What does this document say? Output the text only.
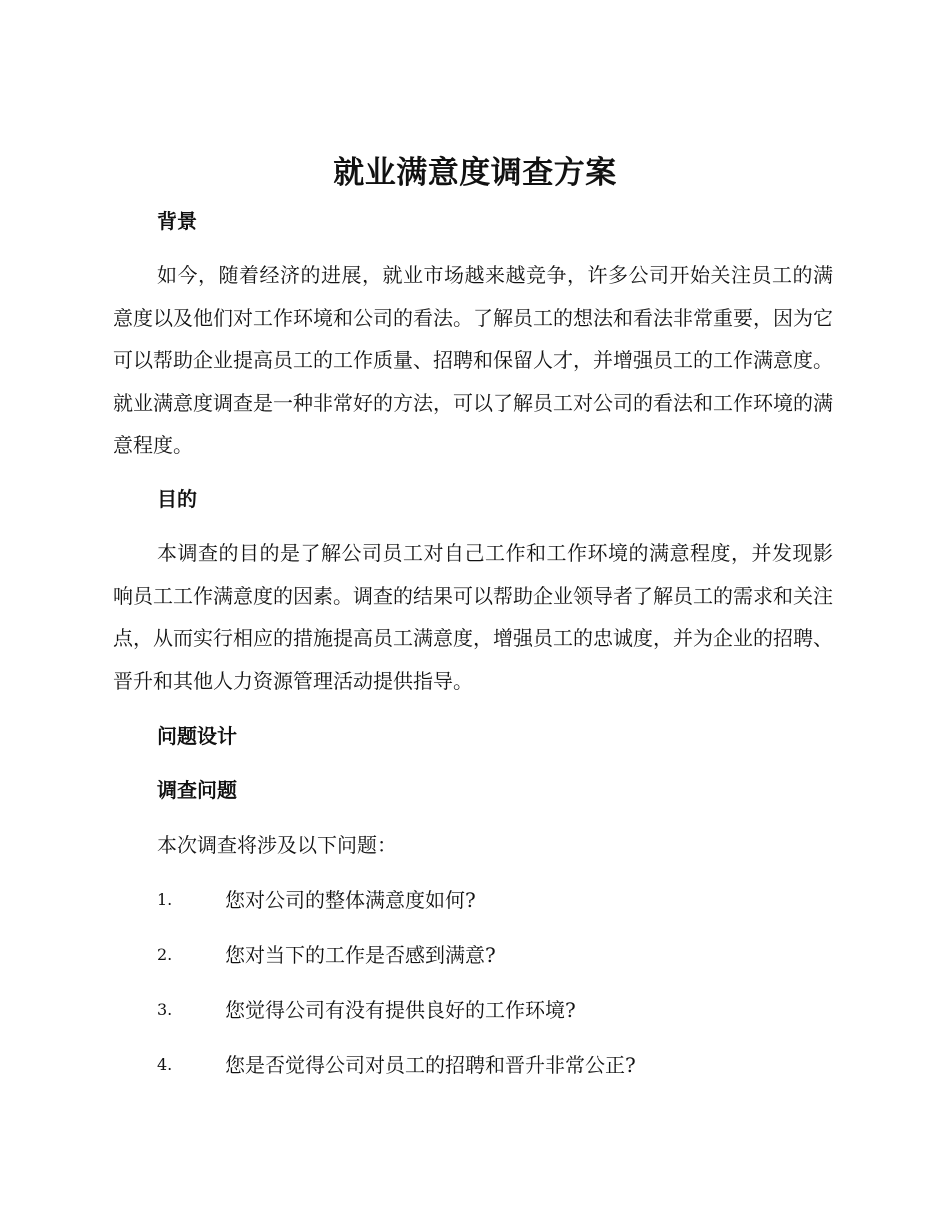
就业满意度调查方案
背景

如今，随着经济的进展，就业市场越来越竞争，许多公司开始关注员工的满意度以及他们对工作环境和公司的看法。了解员工的想法和看法非常重要，因为它可以帮助企业提高员工的工作质量、招聘和保留人才，并增强员工的工作满意度。就业满意度调查是一种非常好的方法，可以了解员工对公司的看法和工作环境的满意程度。

目的

本调查的目的是了解公司员工对自己工作和工作环境的满意程度，并发现影响员工工作满意度的因素。调查的结果可以帮助企业领导者了解员工的需求和关注点，从而实行相应的措施提高员工满意度，增强员工的忠诚度，并为企业的招聘、晋升和其他人力资源管理活动提供指导。

问题设计
调查问题
本次调查将涉及以下问题：
1.	您对公司的整体满意度如何?
2.	您对当下的工作是否感到满意?
3.	您觉得公司有没有提供良好的工作环境?
4.	您是否觉得公司对员工的招聘和晋升非常公正?
